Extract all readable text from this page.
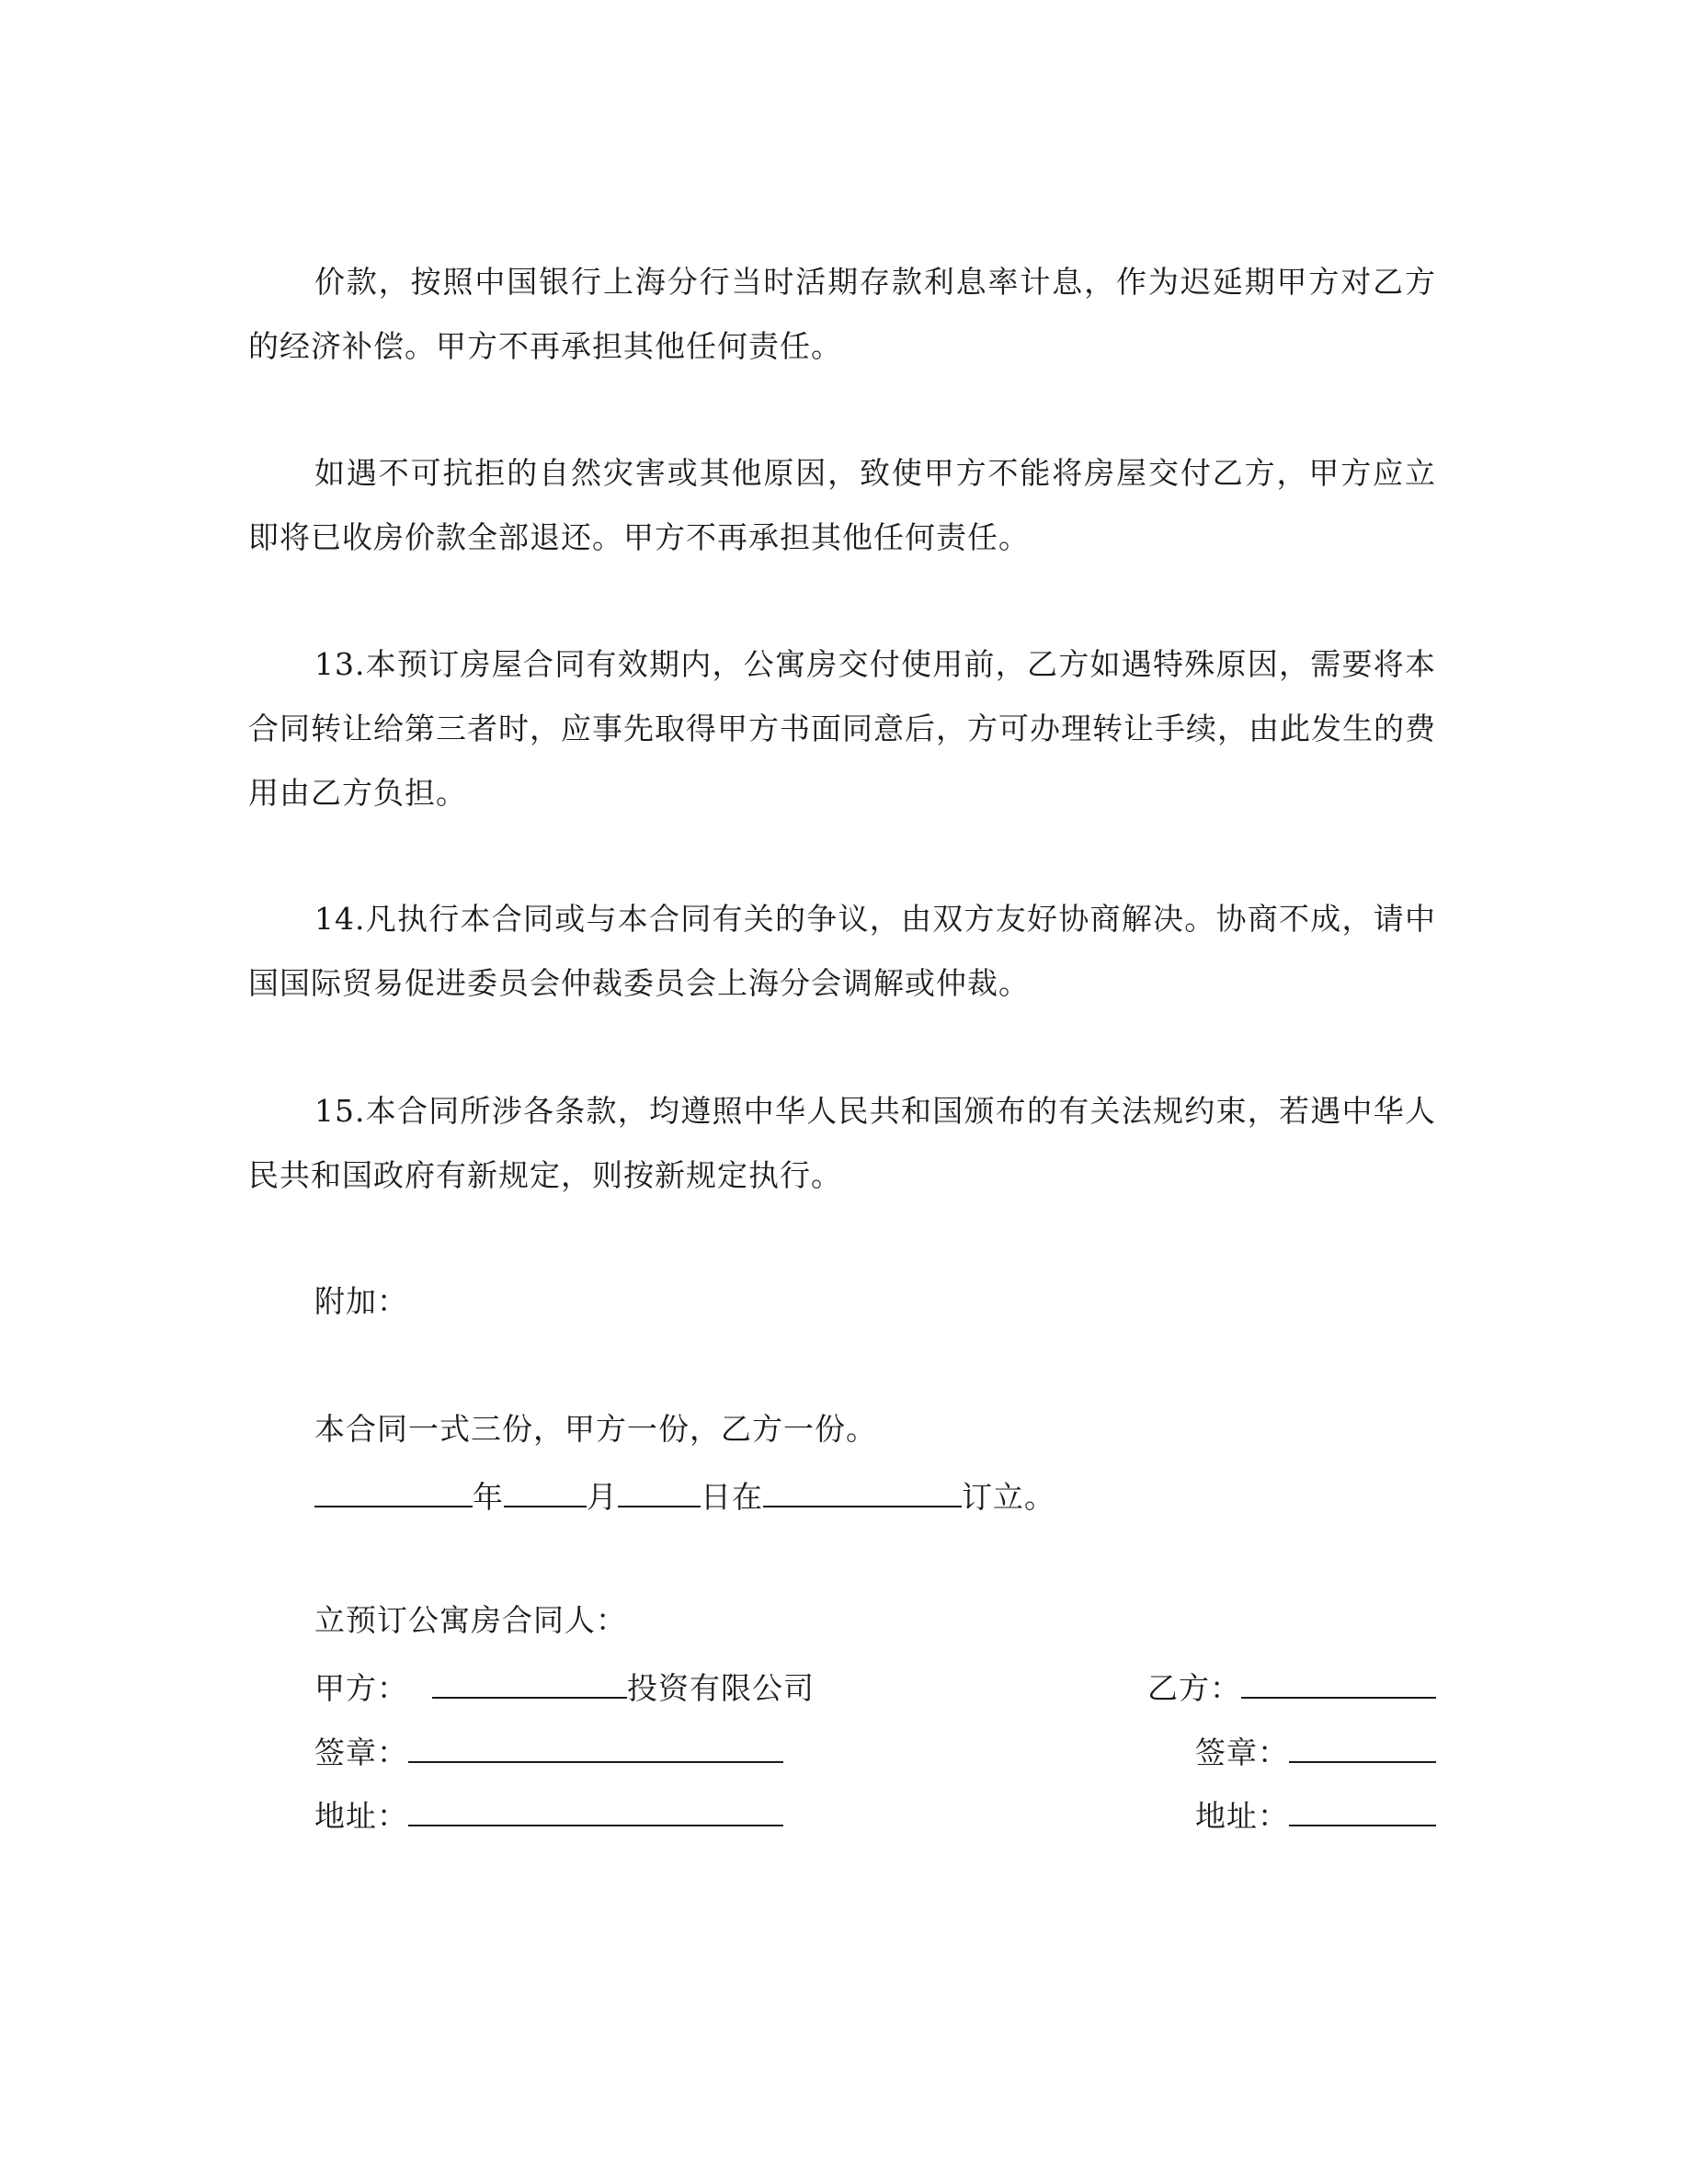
价款，按照中国银行上海分行当时活期存款利息率计息，作为迟延期甲方对乙方的经济补偿。甲方不再承担其他任何责任。

如遇不可抗拒的自然灾害或其他原因，致使甲方不能将房屋交付乙方，甲方应立即将已收房价款全部退还。甲方不再承担其他任何责任。

13.本预订房屋合同有效期内，公寓房交付使用前，乙方如遇特殊原因，需要将本合同转让给第三者时，应事先取得甲方书面同意后，方可办理转让手续，由此发生的费用由乙方负担。

14.凡执行本合同或与本合同有关的争议，由双方友好协商解决。协商不成，请中国国际贸易促进委员会仲裁委员会上海分会调解或仲裁。

15.本合同所涉各条款，均遵照中华人民共和国颁布的有关法规约束，若遇中华人民共和国政府有新规定，则按新规定执行。

附加：

本合同一式三份，甲方一份，乙方一份。

年	月	日在	订立。

立预订公寓房合同人：

甲方：	投资有限公司	乙方：
签章：	签章：
地址：	地址：
